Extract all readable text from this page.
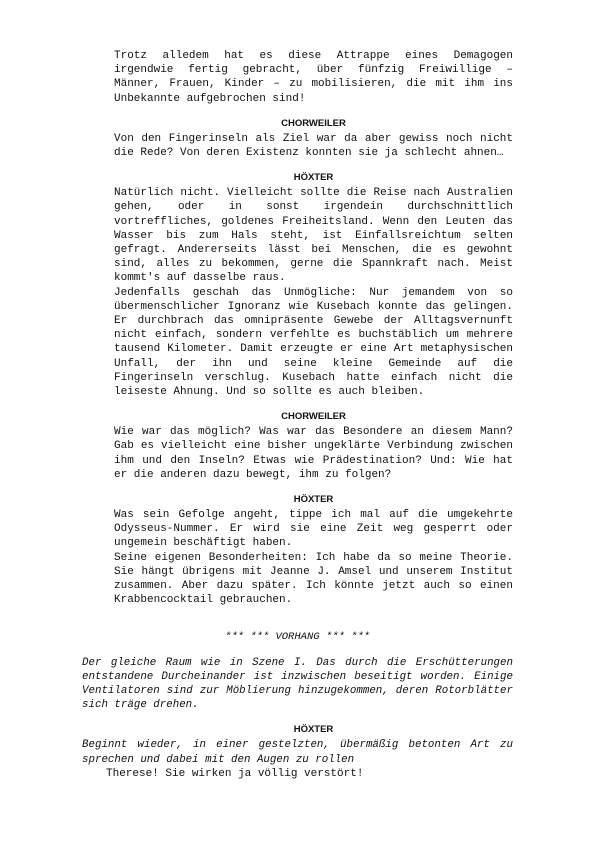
Trotz alledem hat es diese Attrappe eines Demagogen irgendwie fertig gebracht, über fünfzig Freiwillige – Männer, Frauen, Kinder – zu mobilisieren, die mit ihm ins Unbekannte aufgebrochen sind!

CHORWEILER

Von den Fingerinseln als Ziel war da aber gewiss noch nicht die Rede? Von deren Existenz konnten sie ja schlecht ahnen…

HÖXTER

Natürlich nicht. Vielleicht sollte die Reise nach Australien gehen, oder in sonst irgendein durchschnittlich vortreffliches, goldenes Freiheitsland. Wenn den Leuten das Wasser bis zum Hals steht, ist Einfallsreichtum selten gefragt. Andererseits lässt bei Menschen, die es gewohnt sind, alles zu bekommen, gerne die Spannkraft nach. Meist kommt's auf dasselbe raus.

Jedenfalls geschah das Unmögliche: Nur jemandem von so übermenschlicher Ignoranz wie Kusebach konnte das gelingen. Er durchbrach das omnipräsente Gewebe der Alltagsvernunft nicht einfach, sondern verfehlte es buchstäblich um mehrere tausend Kilometer. Damit erzeugte er eine Art metaphysischen Unfall, der ihn und seine kleine Gemeinde auf die Fingerinseln verschlug. Kusebach hatte einfach nicht die leiseste Ahnung. Und so sollte es auch bleiben.

CHORWEILER

Wie war das möglich? Was war das Besondere an diesem Mann? Gab es vielleicht eine bisher ungeklärte Verbindung zwischen ihm und den Inseln? Etwas wie Prädestination? Und: Wie hat er die anderen dazu bewegt, ihm zu folgen?

HÖXTER

Was sein Gefolge angeht, tippe ich mal auf die umgekehrte Odysseus-Nummer. Er wird sie eine Zeit weg gesperrt oder ungemein beschäftigt haben.

Seine eigenen Besonderheiten: Ich habe da so meine Theorie. Sie hängt übrigens mit Jeanne J. Amsel und unserem Institut zusammen. Aber dazu später. Ich könnte jetzt auch so einen Krabbencocktail gebrauchen.

*** *** VORHANG *** ***
Der gleiche Raum wie in Szene I. Das durch die Erschütterungen entstandene Durcheinander ist inzwischen beseitigt worden. Einige Ventilatoren sind zur Möblierung hinzugekommen, deren Rotorblätter sich träge drehen.
HÖXTER
Beginnt wieder, in einer gestelzten, übermäßig betonten Art zu sprechen und dabei mit den Augen zu rollen
Therese! Sie wirken ja völlig verstört!
